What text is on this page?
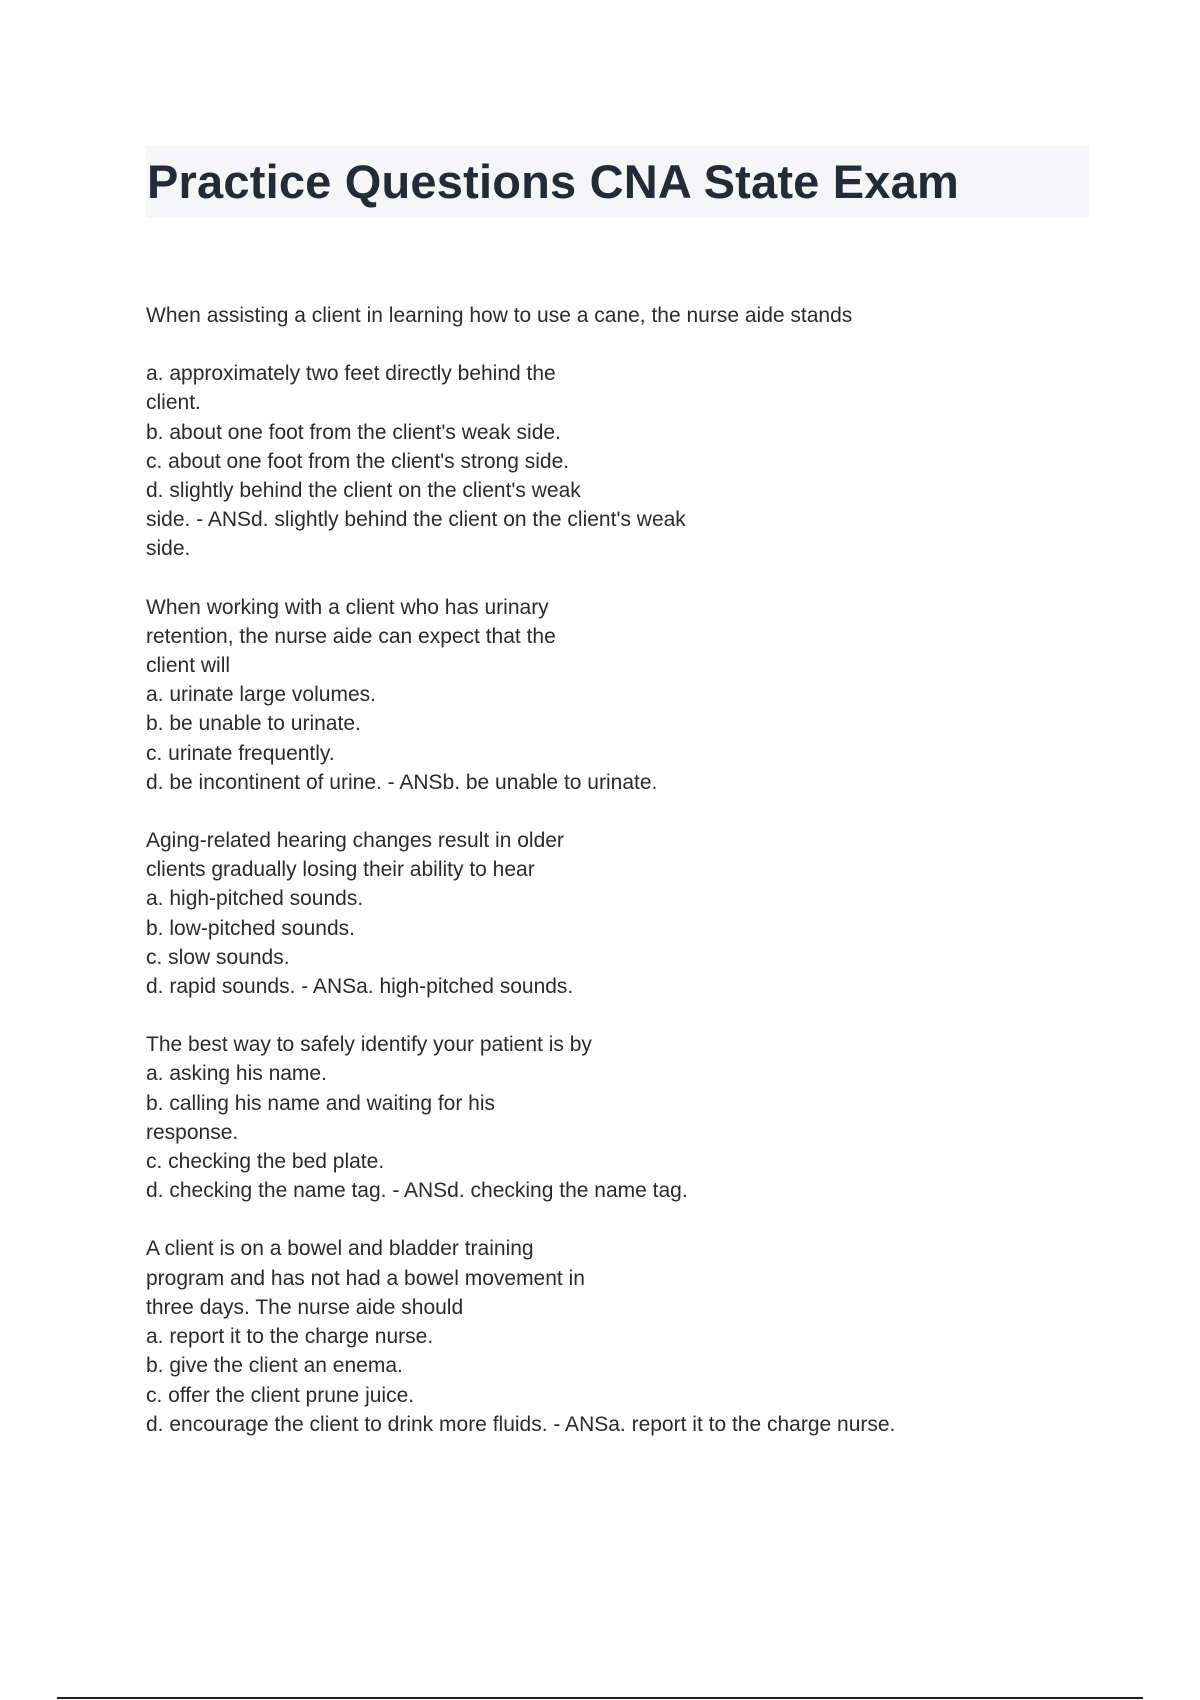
Practice Questions CNA State Exam
When assisting a client in learning how to use a cane, the nurse aide stands
a. approximately two feet directly behind the
client.
b. about one foot from the client's weak side.
c. about one foot from the client's strong side.
d. slightly behind the client on the client's weak
side. - ANSd. slightly behind the client on the client's weak
side.
When working with a client who has urinary
retention, the nurse aide can expect that the
client will
a. urinate large volumes.
b. be unable to urinate.
c. urinate frequently.
d. be incontinent of urine. - ANSb. be unable to urinate.
Aging-related hearing changes result in older
clients gradually losing their ability to hear
a. high-pitched sounds.
b. low-pitched sounds.
c. slow sounds.
d. rapid sounds. - ANSa. high-pitched sounds.
The best way to safely identify your patient is by
a. asking his name.
b. calling his name and waiting for his
response.
c. checking the bed plate.
d. checking the name tag. - ANSd. checking the name tag.
A client is on a bowel and bladder training
program and has not had a bowel movement in
three days. The nurse aide should
a. report it to the charge nurse.
b. give the client an enema.
c. offer the client prune juice.
d. encourage the client to drink more fluids. - ANSa. report it to the charge nurse.
